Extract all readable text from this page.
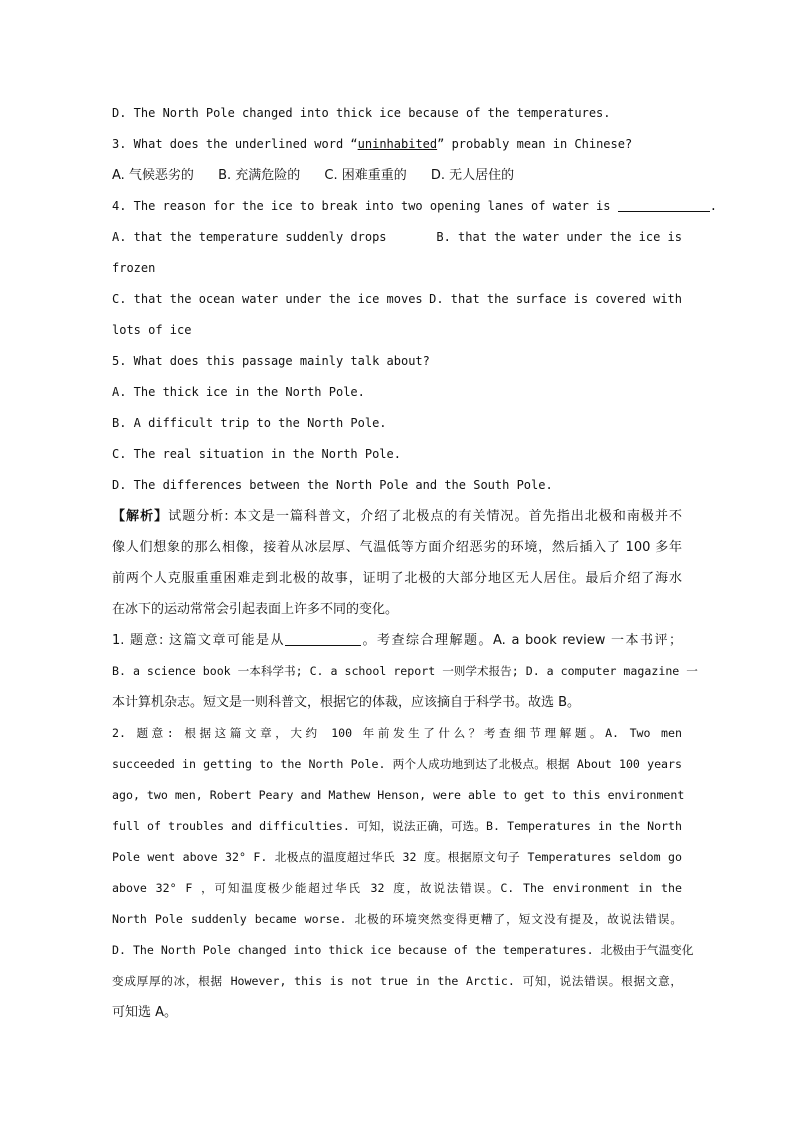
D. The North Pole changed into thick ice because of the temperatures.
3. What does the underlined word “uninhabited” probably mean in Chinese?
A. 气候恶劣的 B. 充满危险的 C. 困难重重的 D. 无人居住的
4. The reason for the ice to break into two opening lanes of water is	.
A. that the temperature suddenly drops	B. that the water under the ice is
frozen
C. that the ocean water under the ice moves D. that the surface is covered with
lots of ice
5. What does this passage mainly talk about?
A. The thick ice in the North Pole.
B. A difficult trip to the North Pole.
C. The real situation in the North Pole.
D. The differences between the North Pole and the South Pole.
【解析】试题分析: 本文是一篇科普文，介绍了北极点的有关情况。首先指出北极和南极并不
像人们想象的那么相像，接着从冰层厚、气温低等方面介绍恶劣的环境，然后插入了 100 多年
前两个人克服重重困难走到北极的故事，证明了北极的大部分地区无人居住。最后介绍了海水
在冰下的运动常常会引起表面上许多不同的变化。
1. 题意: 这篇文章可能是从	。考查综合理解题。A. a book review 一本书评；
B. a science book 一本科学书; C. a school report 一则学术报告; D. a computer magazine 一
本计算机杂志。短文是一则科普文，根据它的体裁，应该摘自于科学书。故选 B。
2. 题意: 根据这篇文章，大约 100 年前发生了什么？考查细节理解题。A. Two men
succeeded in getting to the North Pole. 两个人成功地到达了北极点。根据 About 100 years
ago, two men, Robert Peary and Mathew Henson, were able to get to this environment
full of troubles and difficulties. 可知，说法正确，可选。B. Temperatures in the North
Pole went above 32° F. 北极点的温度超过华氏 32 度。根据原文句子 Temperatures seldom go
above 32° F ，可知温度极少能超过华氏 32 度，故说法错误。C. The environment in the
North Pole suddenly became worse. 北极的环境突然变得更糟了，短文没有提及，故说法错误。
D. The North Pole changed into thick ice because of the temperatures. 北极由于气温变化
变成厚厚的冰，根据 However, this is not true in the Arctic. 可知，说法错误。根据文意，
可知选 A。
